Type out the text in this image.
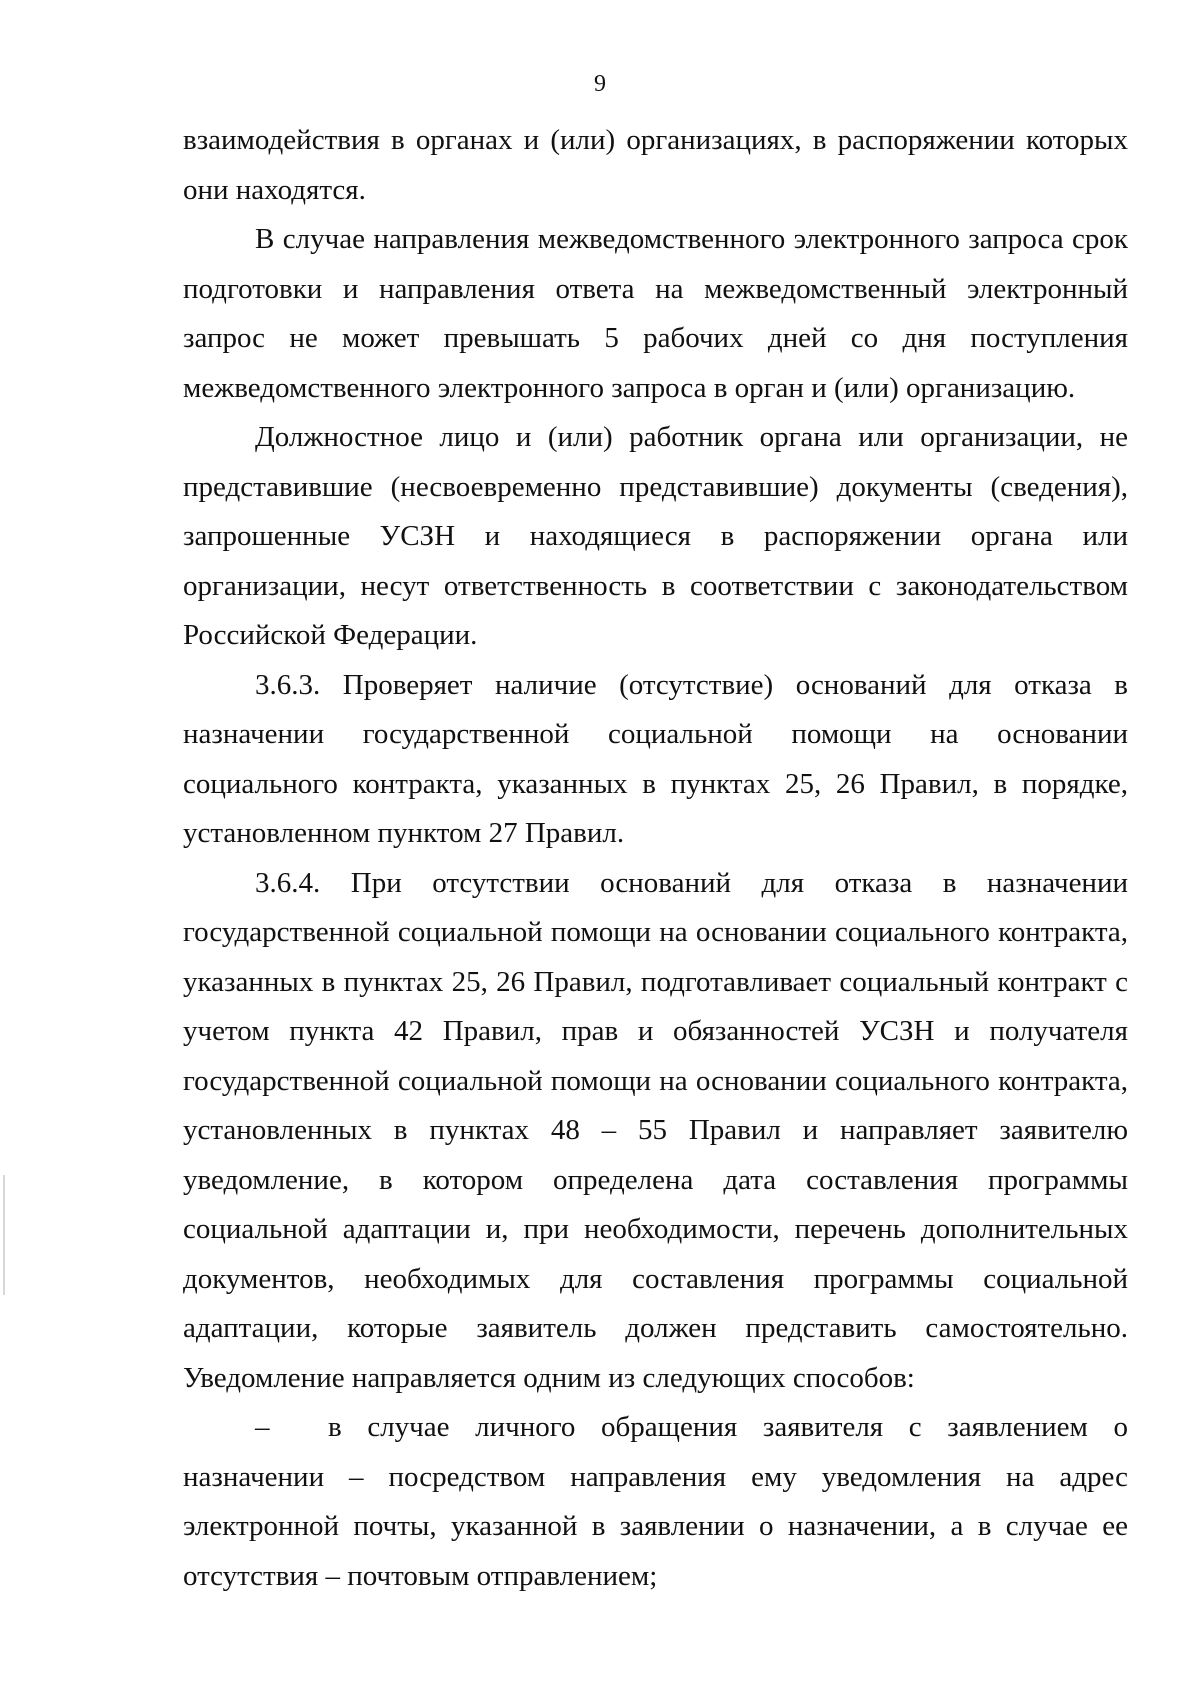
9

взаимодействия в органах и (или) организациях, в распоряжении которых они находятся.

В случае направления межведомственного электронного запроса срок подготовки и направления ответа на межведомственный электронный запрос не может превышать 5 рабочих дней со дня поступления межведомственного электронного запроса в орган и (или) организацию.

Должностное лицо и (или) работник органа или организации, не представившие (несвоевременно представившие) документы (сведения), запрошенные УСЗН и находящиеся в распоряжении органа или организации, несут ответственность в соответствии с законодательством Российской Федерации.

3.6.3. Проверяет наличие (отсутствие) оснований для отказа в назначении государственной социальной помощи на основании социального контракта, указанных в пунктах 25, 26 Правил, в порядке, установленном пунктом 27 Правил.

3.6.4. При отсутствии оснований для отказа в назначении государственной социальной помощи на основании социального контракта, указанных в пунктах 25, 26 Правил, подготавливает социальный контракт с учетом пункта 42 Правил, прав и обязанностей УСЗН и получателя государственной социальной помощи на основании социального контракта, установленных в пунктах 48 – 55 Правил и направляет заявителю уведомление, в котором определена дата составления программы социальной адаптации и, при необходимости, перечень дополнительных документов, необходимых для составления программы социальной адаптации, которые заявитель должен представить самостоятельно. Уведомление направляется одним из следующих способов:

– в случае личного обращения заявителя с заявлением о назначении – посредством направления ему уведомления на адрес электронной почты, указанной в заявлении о назначении, а в случае ее отсутствия – почтовым отправлением;
